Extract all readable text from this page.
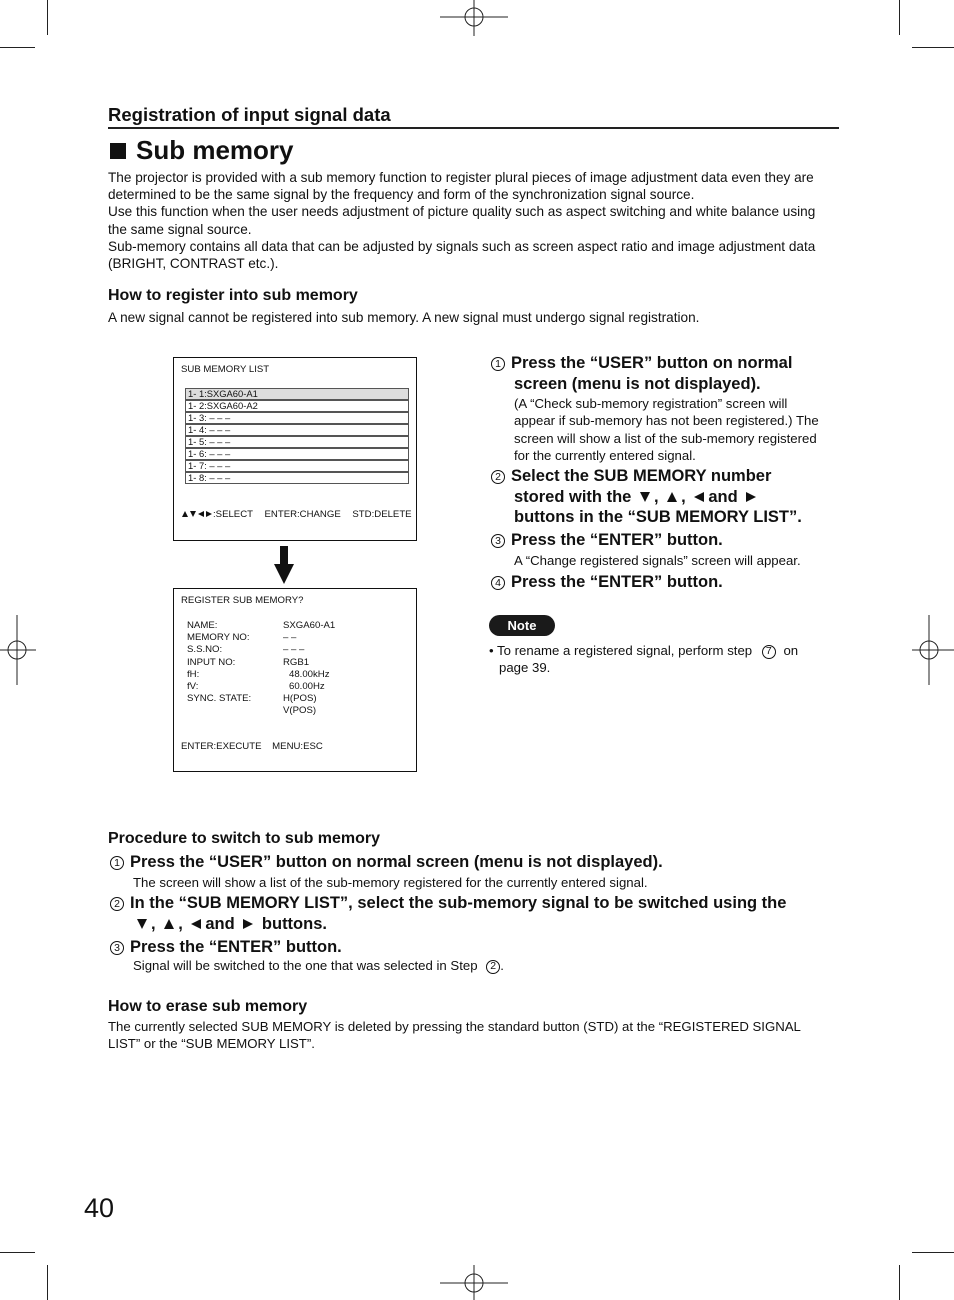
Registration of input signal data
Sub memory
The projector is provided with a sub memory function to register plural pieces of image adjustment data even they are determined to be the same signal by the frequency and form of the synchronization signal source.
Use this function when the user needs adjustment of picture quality such as aspect switching and white balance using the same signal source.
Sub-memory contains all data that can be adjusted by signals such as screen aspect ratio and image adjustment data (BRIGHT, CONTRAST etc.).
How to register into sub memory
A new signal cannot be registered into sub memory. A new signal must undergo signal registration.
SUB MEMORY LIST
1- 1:SXGA60-A1
1- 2:SXGA60-A2
1- 3: – – –
1- 4: – – –
1- 5: – – –
1- 6: – – –
1- 7: – – –
1- 8: – – –
:SELECT ENTER:CHANGE STD:DELETE
REGISTER SUB MEMORY?
NAME:
MEMORY NO:
S.S.NO:
INPUT NO:
fH:
fV:
SYNC. STATE:
SXGA60-A1
– –
– – –
RGB1
48.00kHz
60.00Hz
H(POS)
V(POS)
ENTER:EXECUTE MENU:ESC
1 Press the “USER” button on normal
screen (menu is not displayed).
(A “Check sub-memory registration” screen will appear if sub-memory has not been registered.) The screen will show a list of the sub-memory registered for the currently entered signal.
2 Select the SUB MEMORY number
stored with the , , and
buttons in the “SUB MEMORY LIST”.
3 Press the “ENTER” button.
A “Change registered signals” screen will appear.
4 Press the “ENTER” button.
Note
• To rename a registered signal, perform step 7 on
page 39.
Procedure to switch to sub memory
1 Press the “USER” button on normal screen (menu is not displayed).
The screen will show a list of the sub-memory registered for the currently entered signal.
2 In the “SUB MEMORY LIST”, select the sub-memory signal to be switched using the
, , and buttons.
3 Press the “ENTER” button.
Signal will be switched to the one that was selected in Step 2 .
How to erase sub memory
The currently selected SUB MEMORY is deleted by pressing the standard button (STD) at the “REGISTERED SIGNAL LIST” or the “SUB MEMORY LIST”.
40
